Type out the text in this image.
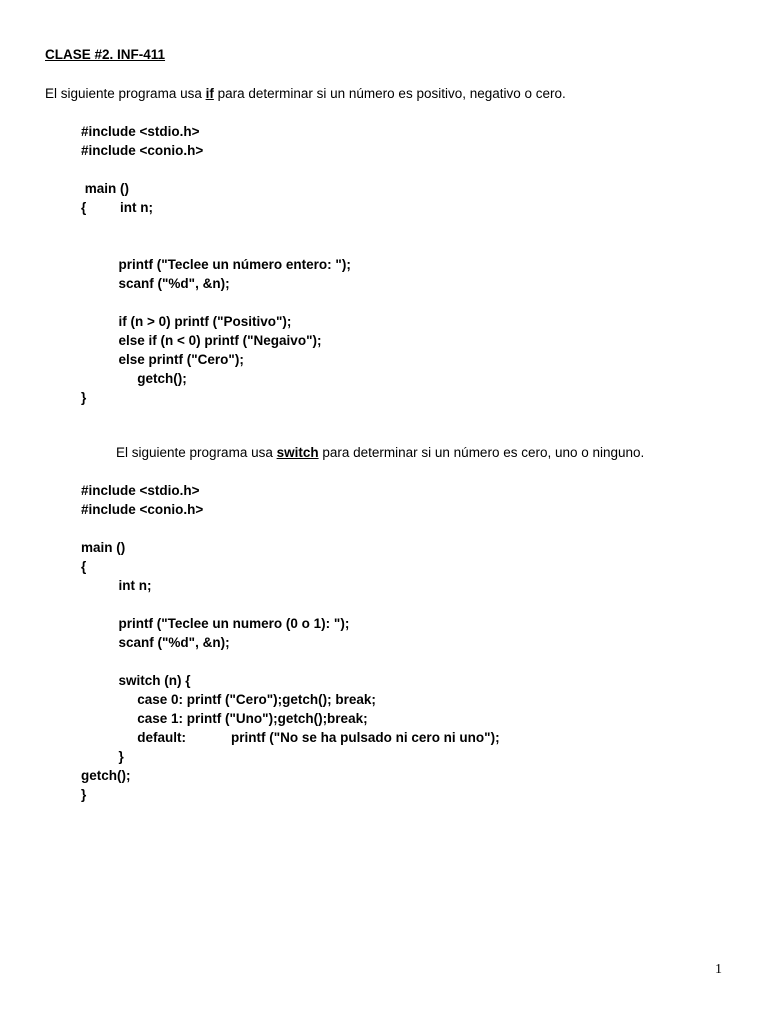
CLASE #2. INF-411
El siguiente programa usa if para determinar si un número es positivo, negativo o cero.
#include <stdio.h>
#include <conio.h>
main ()
{         int n;
printf ("Teclee un número entero: ");
scanf ("%d", &n);
if (n > 0) printf ("Positivo");
else if (n < 0) printf ("Negaivo");
else printf ("Cero");
getch();
}
El siguiente programa usa switch para determinar si un número es cero, uno o ninguno.
#include <stdio.h>
#include <conio.h>
main ()
{
int n;
printf ("Teclee un numero (0 o 1): ");
scanf ("%d", &n);
switch (n) {
case 0: printf ("Cero");getch(); break;
case 1: printf ("Uno");getch();break;
default:            printf ("No se ha pulsado ni cero ni uno");
}
getch();
}
1
